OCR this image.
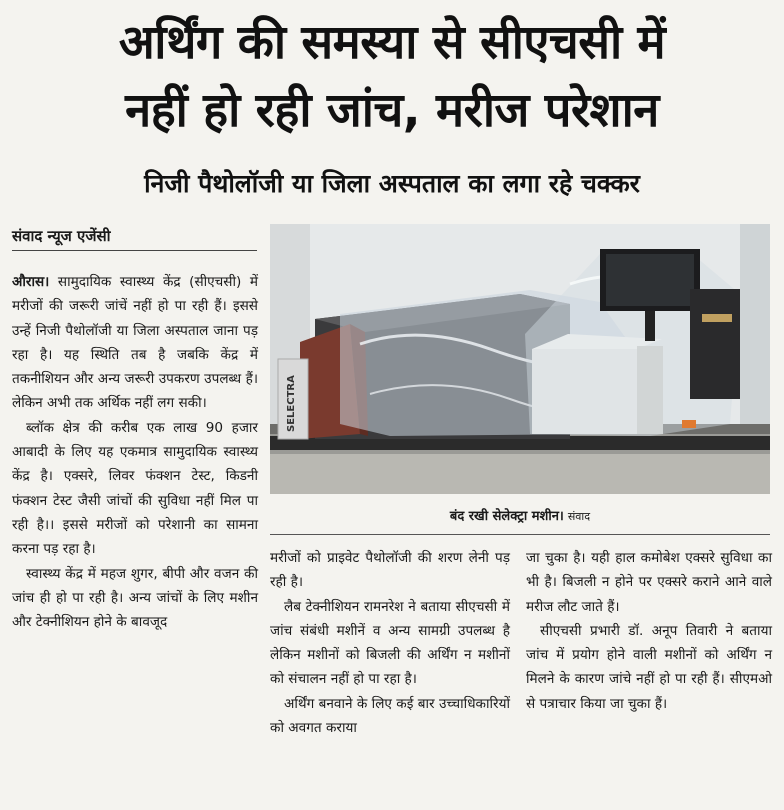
अर्थिंग की समस्या से सीएचसी में
नहीं हो रही जांच, मरीज परेशान
निजी पैथोलॉजी या जिला अस्पताल का लगा रहे चक्कर
संवाद न्यूज एजेंसी
SELECTRA
बंद रखी सेलेक्ट्रा मशीन। संवाद

औरास। सामुदायिक स्वास्थ्य केंद्र (सीएचसी) में मरीजों की जरूरी जांचें नहीं हो पा रही हैं। इससे उन्हें निजी पैथोलॉजी या जिला अस्पताल जाना पड़ रहा है। यह स्थिति तब है जबकि केंद्र में तकनीशियन और अन्य जरूरी उपकरण उपलब्ध हैं। लेकिन अभी तक अर्थिक नहीं लग सकी।

ब्लॉक क्षेत्र की करीब एक लाख 90 हजार आबादी के लिए यह एकमात्र सामुदायिक स्वास्थ्य केंद्र है। एक्सरे, लिवर फंक्शन टेस्ट, किडनी फंक्शन टेस्ट जैसी जांचों की सुविधा नहीं मिल पा रही है।। इससे मरीजों को परेशानी का सामना करना पड़ रहा है।

स्वास्थ्य केंद्र में महज शुगर, बीपी और वजन की जांच ही हो पा रही है। अन्य जांचों के लिए मशीन और टेक्नीशियन होने के बावजूद

मरीजों को प्राइवेट पैथोलॉजी की शरण लेनी पड़ रही है।

लैब टेक्नीशियन रामनरेश ने बताया सीएचसी में जांच संबंधी मशीनें व अन्य सामग्री उपलब्ध है लेकिन मशीनों को बिजली की अर्थिंग न मशीनों को संचालन नहीं हो पा रहा है।

अर्थिंग बनवाने के लिए कई बार उच्चाधिकारियों को अवगत कराया

जा चुका है। यही हाल कमोबेश एक्सरे सुविधा का भी है। बिजली न होने पर एक्सरे कराने आने वाले मरीज लौट जाते हैं।

सीएचसी प्रभारी डॉ. अनूप तिवारी ने बताया जांच में प्रयोग होने वाली मशीनों को अर्थिंग न मिलने के कारण जांचे नहीं हो पा रही हैं। सीएमओ से पत्राचार किया जा चुका हैं।
